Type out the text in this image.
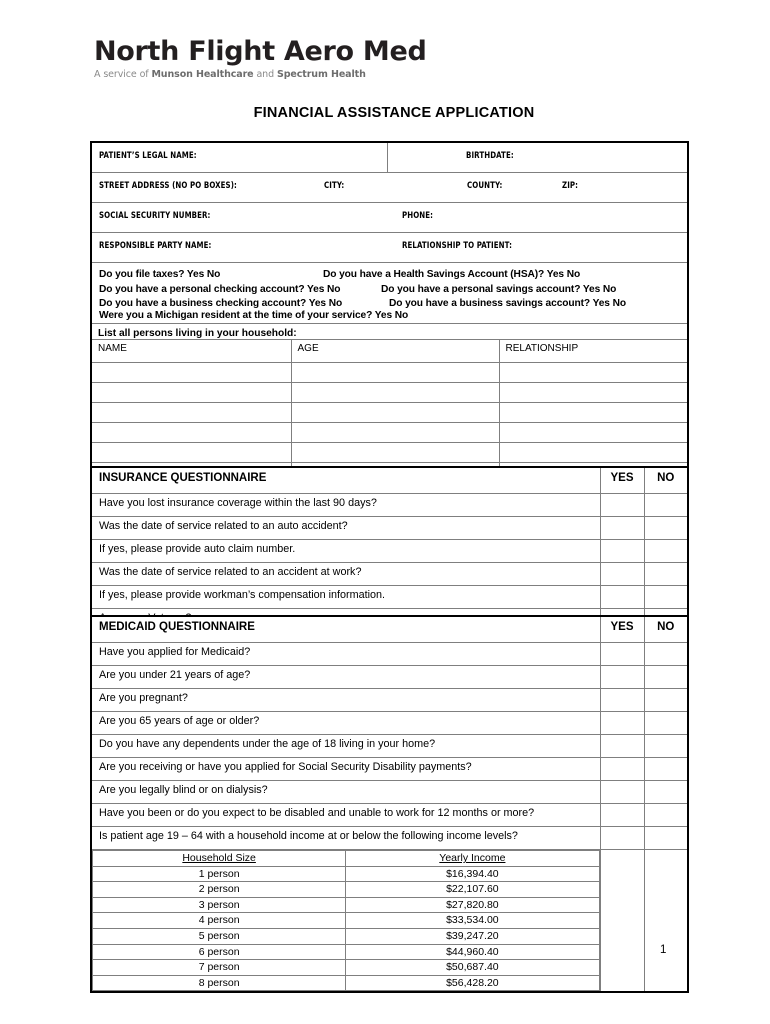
North Flight Aero Med
A service of Munson Healthcare and Spectrum Health
FINANCIAL ASSISTANCE APPLICATION
PATIENT’S LEGAL NAME:	BIRTHDATE:

STREET ADDRESS (NO PO BOXES):	CITY:	COUNTY:	ZIP:

SOCIAL SECURITY NUMBER:	PHONE:

RESPONSIBLE PARTY NAME:	RELATIONSHIP TO PATIENT:

Do you file taxes? Yes No	Do you have a Health Savings Account (HSA)? Yes No
Do you have a personal checking account? Yes No	Do you have a personal savings account? Yes No
Do you have a business checking account? Yes No	Do you have a business savings account? Yes No
Were you a Michigan resident at the time of your service? Yes No

List all persons living in your household:
NAME	AGE	RELATIONSHIP

INSURANCE QUESTIONNAIRE	YES	NO
Have you lost insurance coverage within the last 90 days?		
Was the date of service related to an auto accident?		
If yes, please provide auto claim number.		
Was the date of service related to an accident at work?		
If yes, please provide workman’s compensation information.		

MEDICAID QUESTIONNAIRE	YES	NO
Have you applied for Medicaid?		
Are you under 21 years of age?		
Are you pregnant?		
Are you 65 years of age or older?		
Do you have any dependents under the age of 18 living in your home?		
Are you receiving or have you applied for Social Security Disability payments?		
Are you legally blind or on dialysis?		
Have you been or do you expect to be disabled and unable to work for 12 months or more?		
Is patient age 19 – 64 with a household income at or below the following income levels?		

Household Size	Yearly Income
1 person	$16,394.40
2 person	$22,107.60
3 person	$27,820.80
4 person	$33,534.00
5 person	$39,247.20
6 person	$44,960.40
7 person	$50,687.40
8 person	$56,428.20

1
